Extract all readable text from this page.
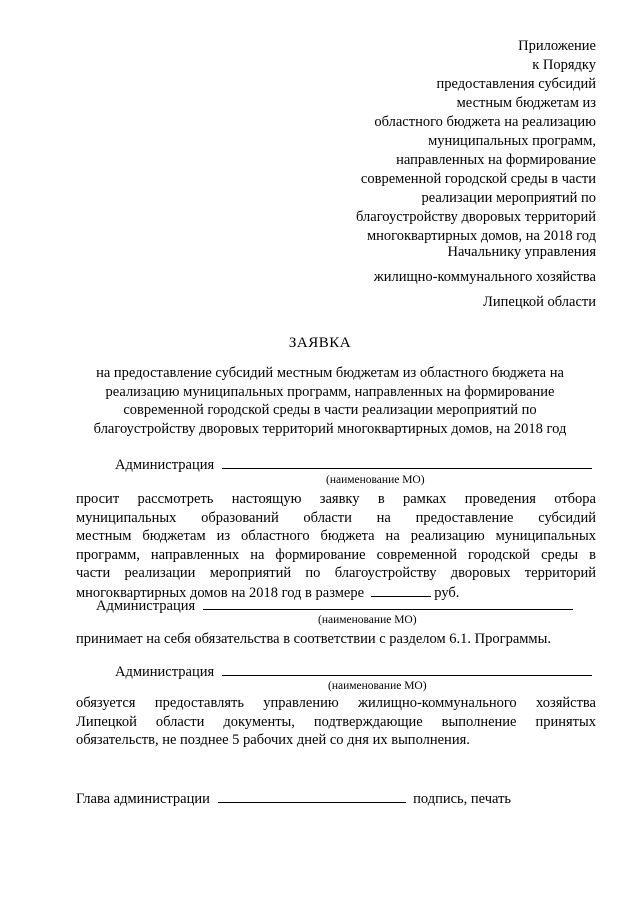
Приложение
к Порядку
предоставления субсидий
местным бюджетам из
областного бюджета на реализацию
муниципальных программ,
направленных на формирование
современной городской среды в части
реализации мероприятий по
благоустройству дворовых территорий
многоквартирных домов, на 2018 год
Начальнику управления
жилищно-коммунального хозяйства
Липецкой области
ЗАЯВКА
на предоставление субсидий местным бюджетам из областного бюджета на
реализацию муниципальных программ, направленных на формирование
современной городской среды в части реализации мероприятий по
благоустройству дворовых территорий многоквартирных домов, на 2018 год
Администрация
(наименование МО)
просит рассмотреть настоящую заявку в рамках проведения отбора
муниципальных образований области на предоставление субсидий
местным бюджетам из областного бюджета на реализацию муниципальных
программ, направленных на формирование современной городской среды в
части реализации мероприятий по благоустройству дворовых территорий
многоквартирных домов на 2018 год в размере	руб.
Администрация
(наименование МО)
принимает на себя обязательства в соответствии с разделом 6.1. Программы.
Администрация
(наименование МО)
обязуется предоставлять управлению жилищно-коммунального хозяйства
Липецкой области документы, подтверждающие выполнение принятых
обязательств, не позднее 5 рабочих дней со дня их выполнения.
Глава администрации	подпись, печать
